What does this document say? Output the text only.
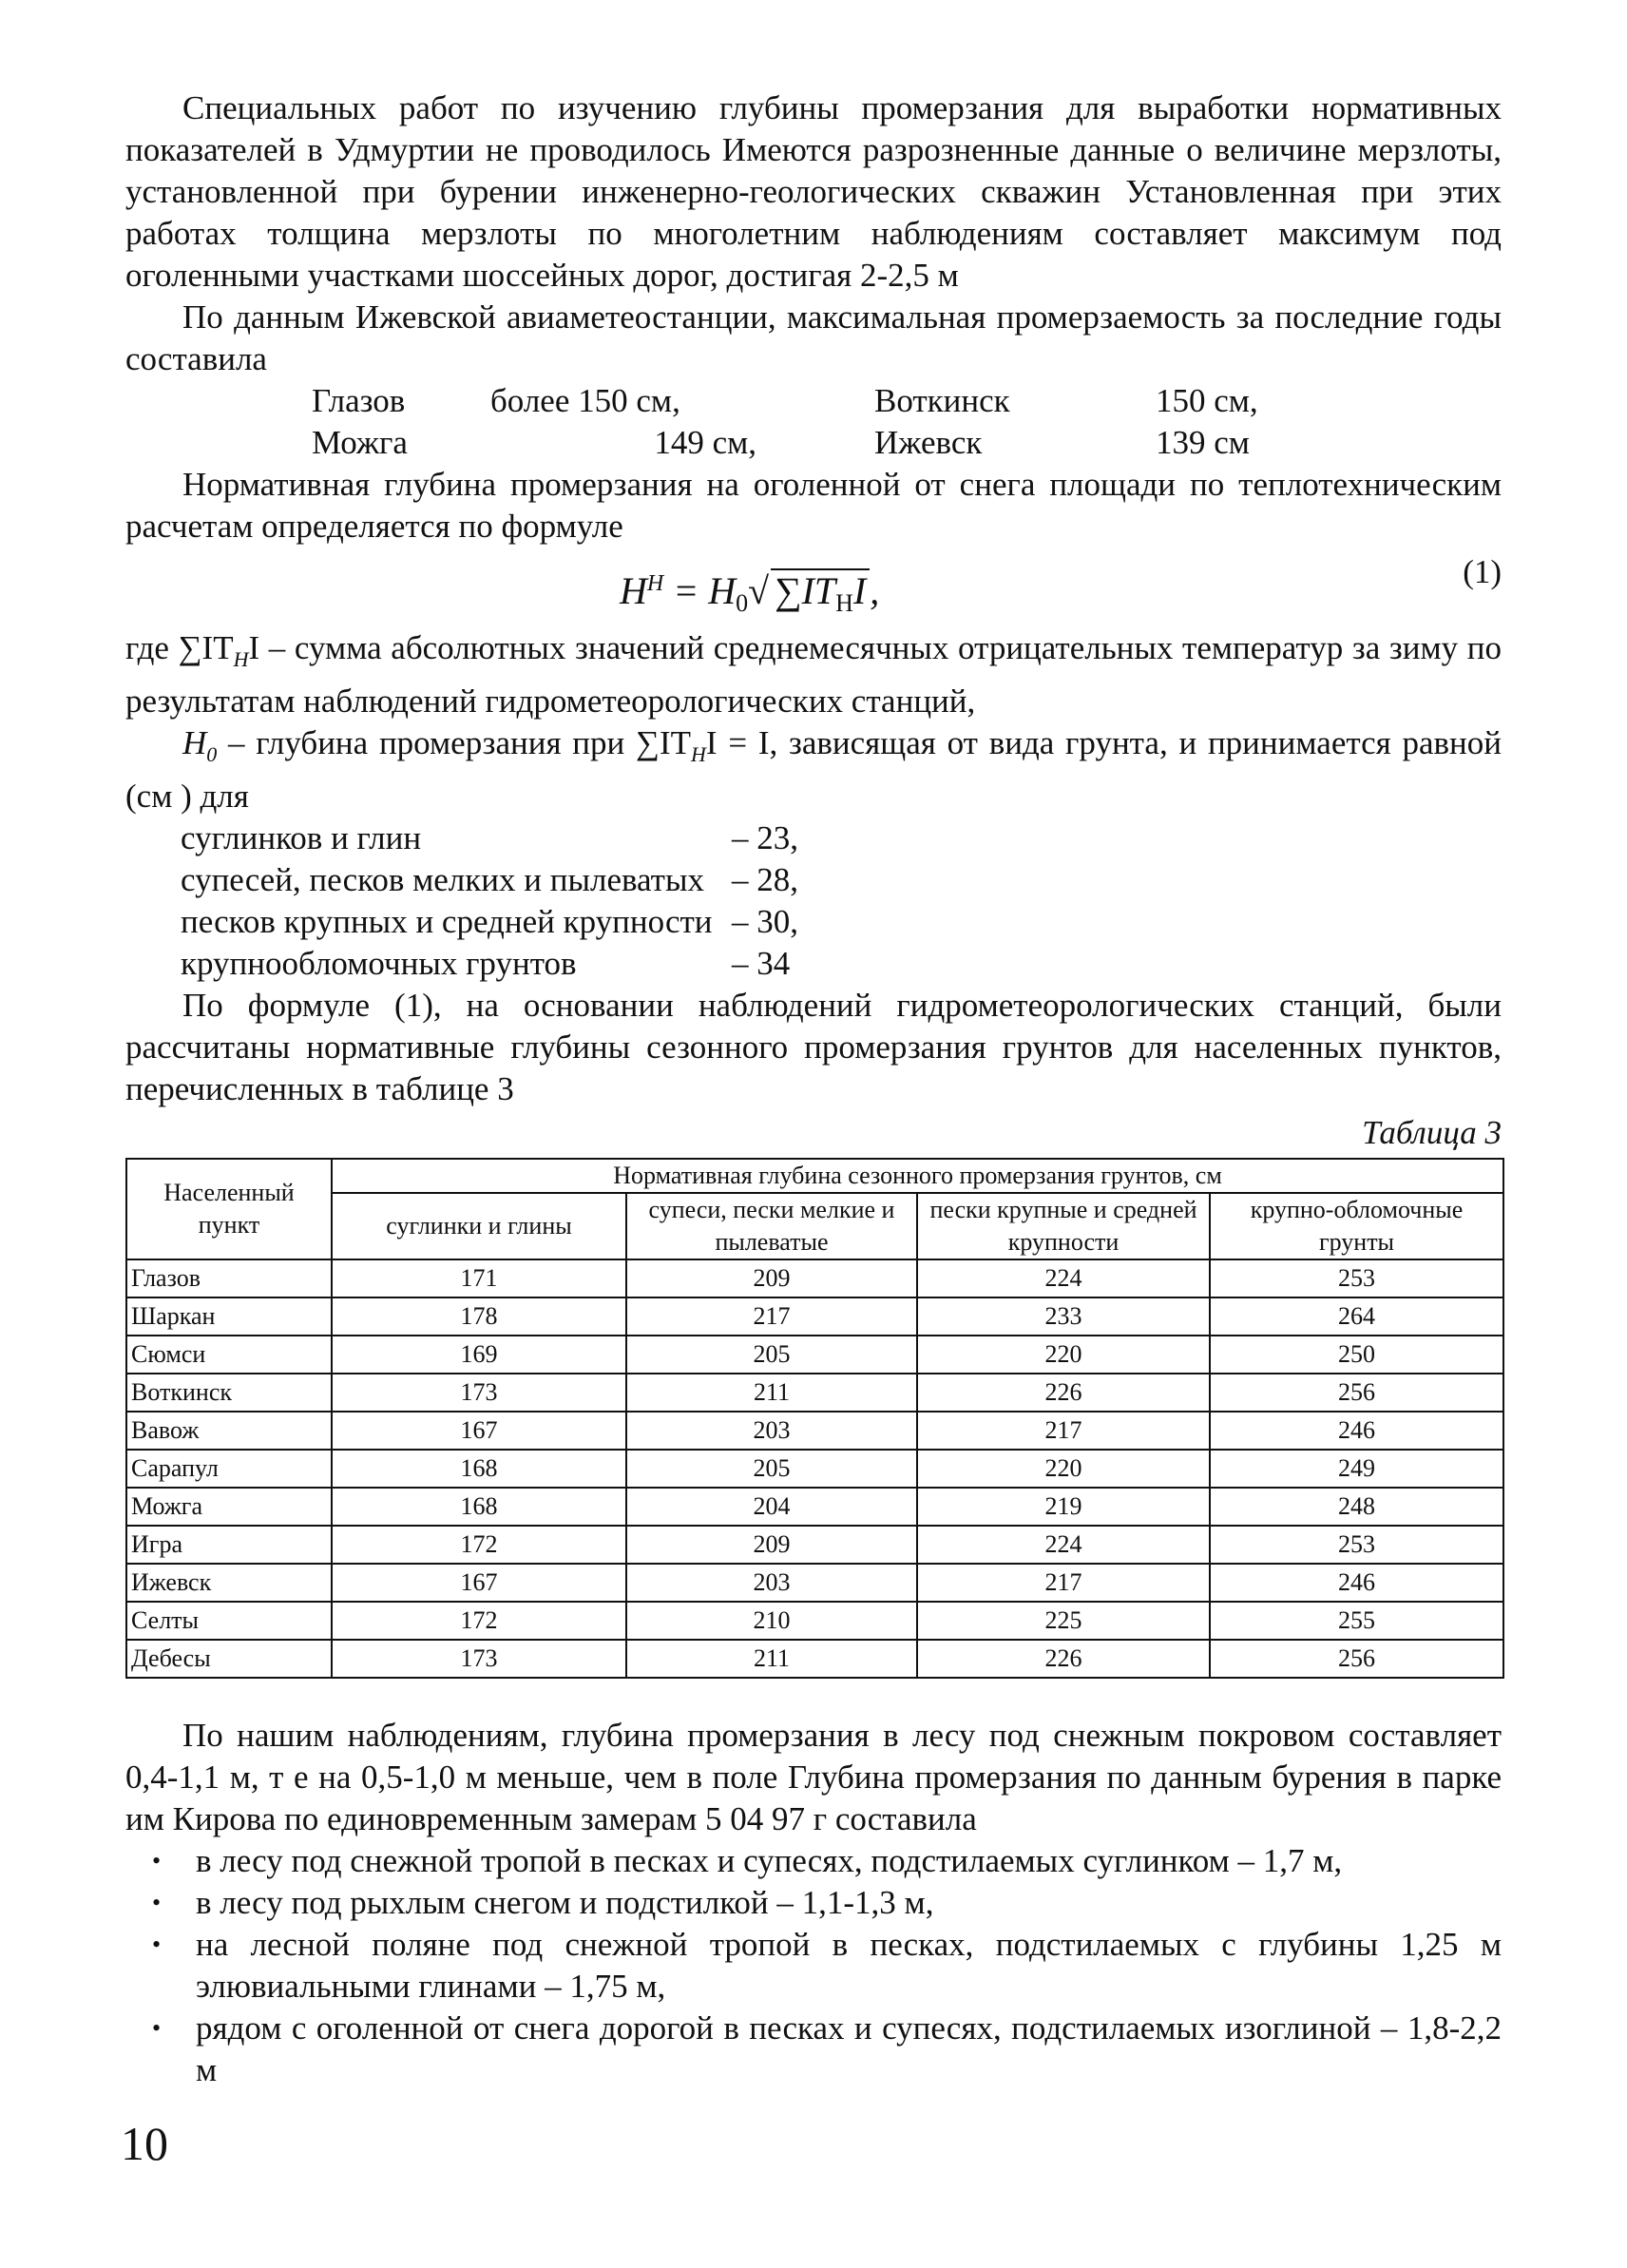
Специальных работ по изучению глубины промерзания для выработки нормативных показателей в Удмуртии не проводилось Имеются разрозненные данные о величине мерзлоты, установленной при бурении инженерно-геологических скважин Установленная при этих работах толщина мерзлоты по многолетним наблюдениям составляет максимум под оголенными участками шоссейных дорог, достигая 2-2,5 м

По данным Ижевской авиаметеостанции, максимальная промерзаемость за последние годы составила

Глазов	более 150 см,	Воткинск	150 см,
Можга	149 см,	Ижевск	139 см

Нормативная глубина промерзания на оголенной от снега площади по теплотехническим расчетам определяется по формуле

$H^H = H_0√$ $\sum IT_HI$ ,	(1)

где $\sum IT_HI$ – сумма абсолютных значений среднемесячных отрицательных температур за зиму по результатам наблюдений гидрометеорологических станций,

$H_0$ – глубина промерзания при $\sum IT_HI = I$, зависящая от вида грунта, и принимается равной (см ) для

суглинков и глин	– 23,
супесей, песков мелких и пылеватых – 28,
песков крупных и средней крупности – 30,
крупнообломочных грунтов	– 34

По формуле (1), на основании наблюдений гидрометеорологических станций, были рассчитаны нормативные глубины сезонного промерзания грунтов для населенных пунктов, перечисленных в таблице 3

Таблица 3
Населенный пункт	Нормативная глубина сезонного промерзания грунтов, см			
	суглинки и глины	супеси, пески мелкие и пылеватые	пески крупные и средней крупности	крупно-обломочные грунты
Глазов	171	209	224	253
Шаркан	178	217	233	264
Сюмси	169	205	220	250
Воткинск	173	211	226	256
Вавож	167	203	217	246
Сарапул	168	205	220	249
Можга	168	204	219	248
Игра	172	209	224	253
Ижевск	167	203	217	246
Селты	172	210	225	255
Дебесы	173	211	226	256

По нашим наблюдениям, глубина промерзания в лесу под снежным покровом составляет 0,4-1,1 м, т е на 0,5-1,0 м меньше, чем в поле Глубина промерзания по данным бурения в парке им Кирова по единовременным замерам 5 04 97 г составила

• в лесу под снежной тропой в песках и супесях, подстилаемых суглинком – 1,7 м,
• в лесу под рыхлым снегом и подстилкой – 1,1-1,3 м,
• на лесной поляне под снежной тропой в песках, подстилаемых с глубины 1,25 м элювиальными глинами – 1,75 м,
• рядом с оголенной от снега дорогой в песках и супесях, подстилаемых изоглиной – 1,8-2,2 м
10
